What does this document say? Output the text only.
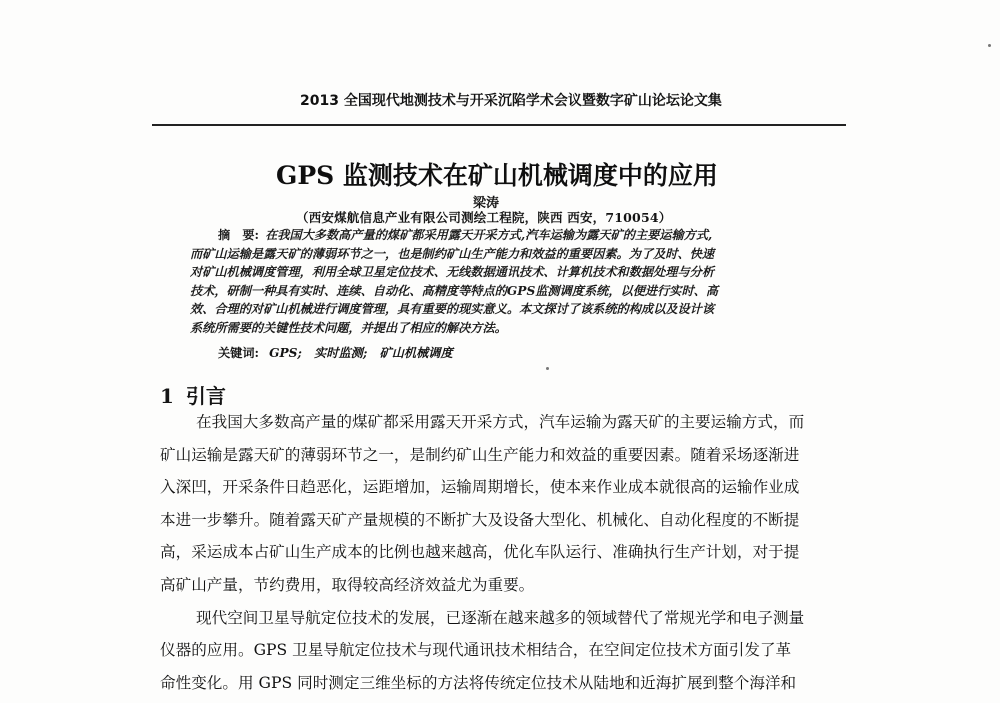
2013 全国现代地测技术与开采沉陷学术会议暨数字矿山论坛论文集
GPS 监测技术在矿山机械调度中的应用
梁涛
（西安煤航信息产业有限公司测绘工程院，陕西 西安，710054）
摘　要: 在我国大多数高产量的煤矿都采用露天开采方式,汽车运输为露天矿的主要运输方式,
而矿山运输是露天矿的薄弱环节之一，也是制约矿山生产能力和效益的重要因素。为了及时、快速
对矿山机械调度管理，利用全球卫星定位技术、无线数据通讯技术、计算机技术和数据处理与分析
技术，研制一种具有实时、连续、自动化、高精度等特点的GPS监测调度系统，以便进行实时、高
效、合理的对矿山机械进行调度管理，具有重要的现实意义。本文探讨了该系统的构成以及设计该
系统所需要的关键性技术问题，并提出了相应的解决方法。
关键词: GPS;　实时监测;　矿山机械调度
1 引言
在我国大多数高产量的煤矿都采用露天开采方式，汽车运输为露天矿的主要运输方式，而
矿山运输是露天矿的薄弱环节之一，是制约矿山生产能力和效益的重要因素。随着采场逐渐进
入深凹，开采条件日趋恶化，运距增加，运输周期增长，使本来作业成本就很高的运输作业成
本进一步攀升。随着露天矿产量规模的不断扩大及设备大型化、机械化、自动化程度的不断提
高，采运成本占矿山生产成本的比例也越来越高，优化车队运行、准确执行生产计划，对于提
高矿山产量，节约费用，取得较高经济效益尤为重要。
现代空间卫星导航定位技术的发展，已逐渐在越来越多的领域替代了常规光学和电子测量
仪器的应用。GPS 卫星导航定位技术与现代通讯技术相结合，在空间定位技术方面引发了革
命性变化。用 GPS 同时测定三维坐标的方法将传统定位技术从陆地和近海扩展到整个海洋和
